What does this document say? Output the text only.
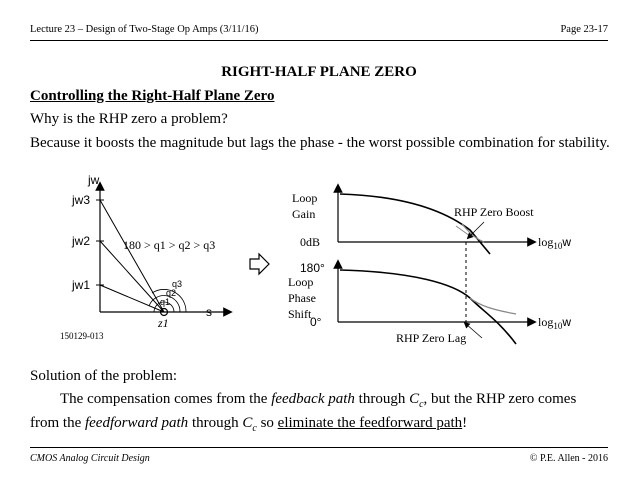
Lecture 23 – Design of Two-Stage Op Amps (3/11/16)	Page 23-17
RIGHT-HALF PLANE ZERO
Controlling the Right-Half Plane Zero
Why is the RHP zero a problem?
Because it boosts the magnitude but lags the phase - the worst possible combination for stability.
jw
jw3
jw2
jw1
s
z1
180 > q1 > q2 > q3
q1
q2
q3
150129-013
Loop
Gain
0dB
RHP Zero Boost
$\log_{10}w$
180°
Loop
Phase
Shift
0°
RHP Zero Lag
$\log_{10}w$
Solution of the problem:
The compensation comes from the feedback path through $C_c$, but the RHP zero comes from the feedforward path through $C_c$ so eliminate the feedforward path!
CMOS Analog Circuit Design	© P.E. Allen - 2016
